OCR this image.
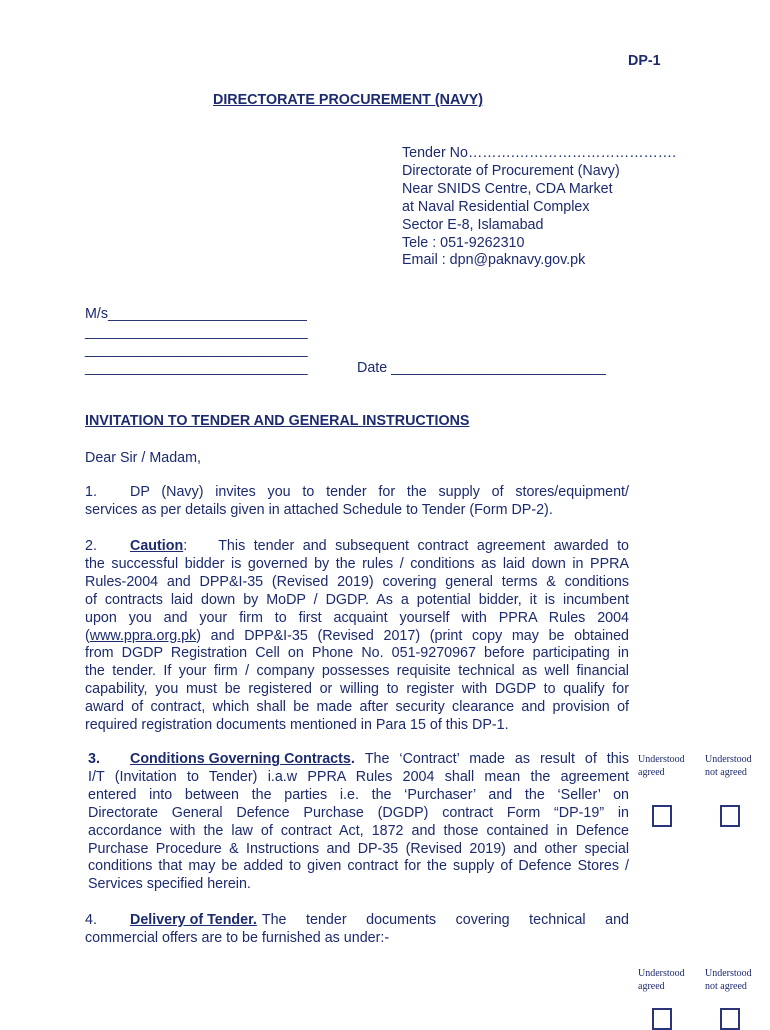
DP-1
DIRECTORATE PROCUREMENT (NAVY)
Tender No……….…………………………….
Directorate of Procurement (Navy)
Near SNIDS Centre, CDA Market
at Naval Residential Complex
Sector E-8, Islamabad
Tele : 051-9262310
Email : dpn@paknavy.gov.pk
M/s_________________________
____________________________
____________________________
____________________________	Date ___________________________
INVITATION TO TENDER AND GENERAL INSTRUCTIONS
Dear Sir / Madam,
1.	DP (Navy) invites you to tender for the supply of stores/equipment/
services as per details given in attached Schedule to Tender (Form DP-2).
2.	Caution : This tender and subsequent contract agreement awarded to
the successful bidder is governed by the rules / conditions as laid down in PPRA
Rules-2004 and DPP&I-35 (Revised 2019) covering general terms & conditions
of contracts laid down by MoDP / DGDP. As a potential bidder, it is incumbent
upon you and your firm to first acquaint yourself with PPRA Rules 2004
( www.ppra.org.pk ) and DPP&I-35 (Revised 2017) (print copy may be obtained
from DGDP Registration Cell on Phone No. 051-9270967 before participating in
the tender. If your firm / company possesses requisite technical as well financial
capability, you must be registered or willing to register with DGDP to qualify for
award of contract, which shall be made after security clearance and provision of
required registration documents mentioned in Para 15 of this DP-1.
3.	Conditions Governing Contracts . The ‘Contract’ made as result of this
I/T (Invitation to Tender) i.a.w PPRA Rules 2004 shall mean the agreement
entered into between the parties i.e. the ‘Purchaser’ and the ‘Seller’ on
Directorate General Defence Purchase (DGDP) contract Form “DP-19” in
accordance with the law of contract Act, 1872 and those contained in Defence
Purchase Procedure & Instructions and DP-35 (Revised 2019) and other special
conditions that may be added to given contract for the supply of Defence Stores /
Services specified herein.
4.	Delivery of Tender. The tender documents covering technical and
commercial offers are to be furnished as under:-
Understood
agreed
Understood
not agreed
Understood
agreed
Understood
not agreed
